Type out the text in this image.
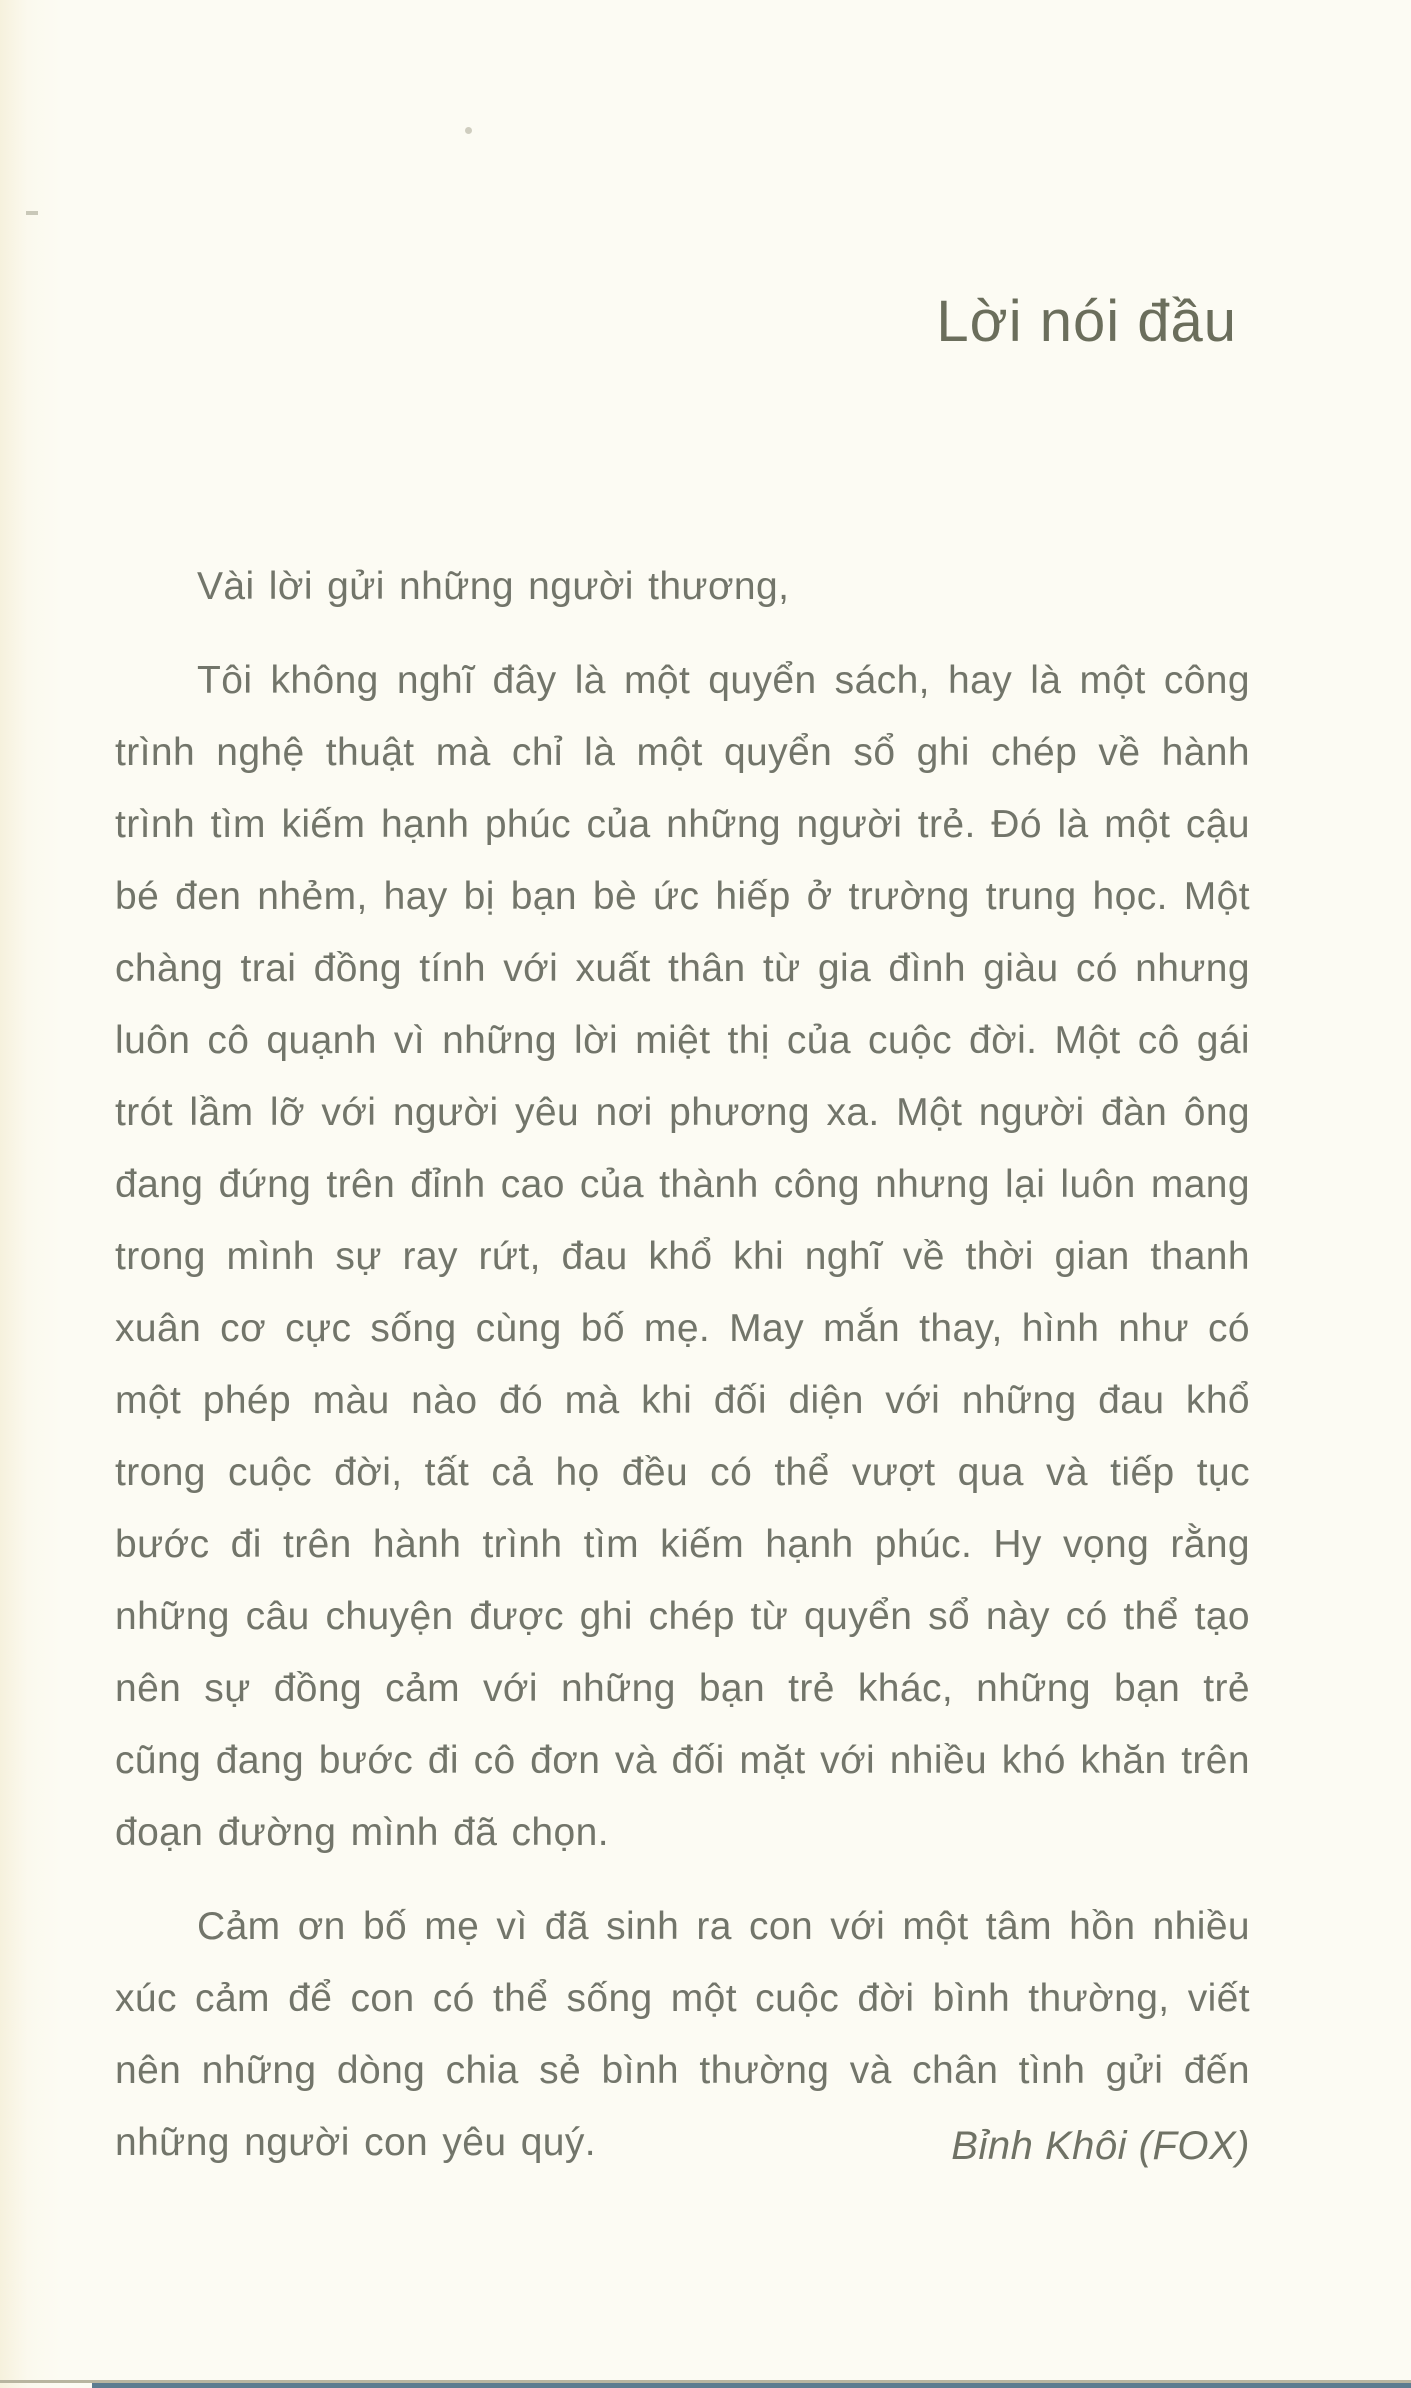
Lời nói đầu

Vài lời gửi những người thương,

Tôi không nghĩ đây là một quyển sách, hay là một công trình nghệ thuật mà chỉ là một quyển sổ ghi chép về hành trình tìm kiếm hạnh phúc của những người trẻ. Đó là một cậu bé đen nhẻm, hay bị bạn bè ức hiếp ở trường trung học. Một chàng trai đồng tính với xuất thân từ gia đình giàu có nhưng luôn cô quạnh vì những lời miệt thị của cuộc đời. Một cô gái trót lầm lỡ với người yêu nơi phương xa. Một người đàn ông đang đứng trên đỉnh cao của thành công nhưng lại luôn mang trong mình sự ray rứt, đau khổ khi nghĩ về thời gian thanh xuân cơ cực sống cùng bố mẹ. May mắn thay, hình như có một phép màu nào đó mà khi đối diện với những đau khổ trong cuộc đời, tất cả họ đều có thể vượt qua và tiếp tục bước đi trên hành trình tìm kiếm hạnh phúc. Hy vọng rằng những câu chuyện được ghi chép từ quyển sổ này có thể tạo nên sự đồng cảm với những bạn trẻ khác, những bạn trẻ cũng đang bước đi cô đơn và đối mặt với nhiều khó khăn trên đoạn đường mình đã chọn.

Cảm ơn bố mẹ vì đã sinh ra con với một tâm hồn nhiều xúc cảm để con có thể sống một cuộc đời bình thường, viết nên những dòng chia sẻ bình thường và chân tình gửi đến những người con yêu quý.	Bỉnh Khôi (FOX)
